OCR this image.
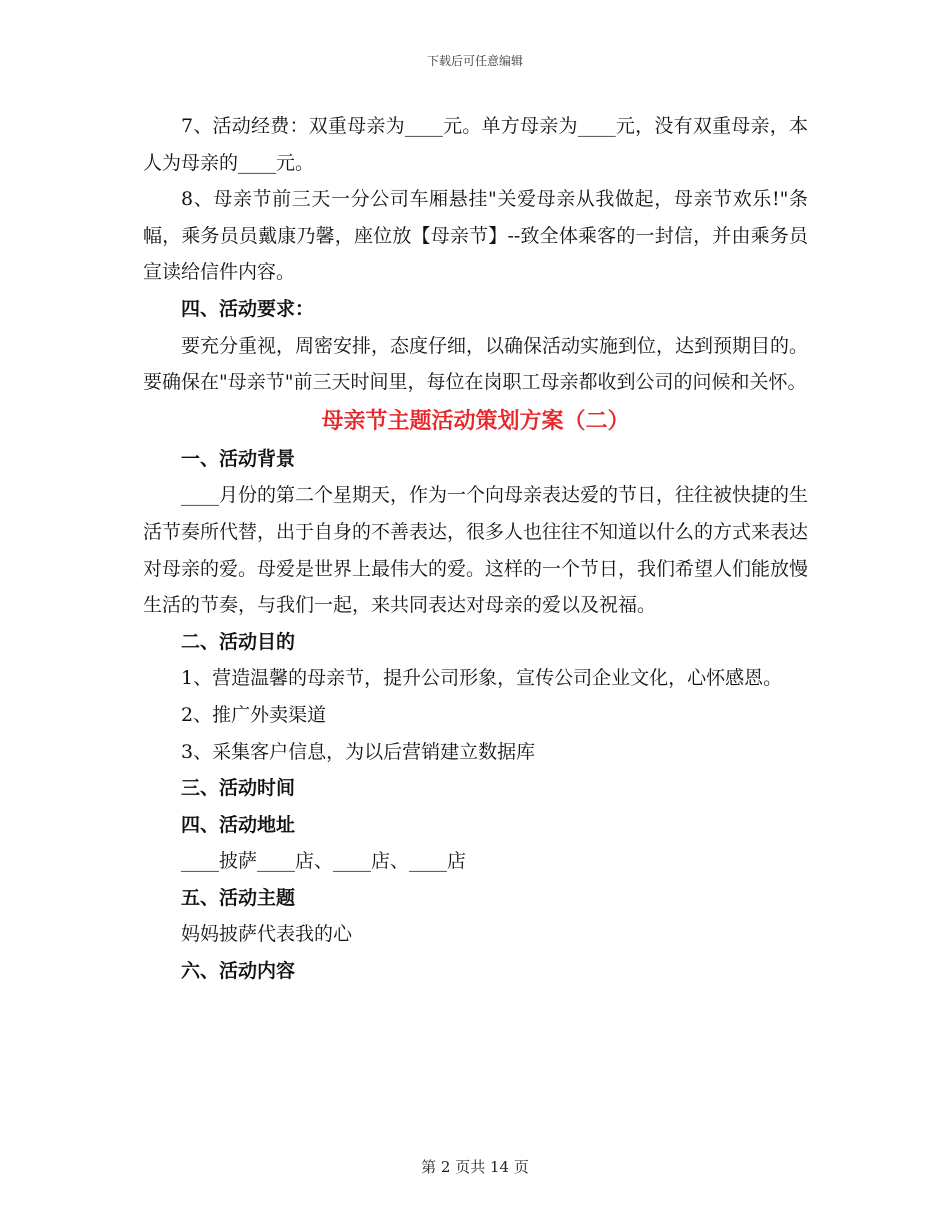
下载后可任意编辑

7、活动经费：双重母亲为____元。单方母亲为____元，没有双重母亲，本人为母亲的____元。

8、母亲节前三天一分公司车厢悬挂"关爱母亲从我做起，母亲节欢乐!"条幅，乘务员员戴康乃馨，座位放【母亲节】--致全体乘客的一封信，并由乘务员宣读给信件内容。

四、活动要求：

要充分重视，周密安排，态度仔细，以确保活动实施到位，达到预期目的。要确保在"母亲节"前三天时间里，每位在岗职工母亲都收到公司的问候和关怀。

母亲节主题活动策划方案（二）

一、活动背景

____月份的第二个星期天，作为一个向母亲表达爱的节日，往往被快捷的生活节奏所代替，出于自身的不善表达，很多人也往往不知道以什么的方式来表达对母亲的爱。母爱是世界上最伟大的爱。这样的一个节日，我们希望人们能放慢生活的节奏，与我们一起，来共同表达对母亲的爱以及祝福。

二、活动目的

1、营造温馨的母亲节，提升公司形象，宣传公司企业文化，心怀感恩。

2、推广外卖渠道

3、采集客户信息，为以后营销建立数据库

三、活动时间

四、活动地址

____披萨____店、____店、____店

五、活动主题

妈妈披萨代表我的心

六、活动内容

第 2 页共 14 页
